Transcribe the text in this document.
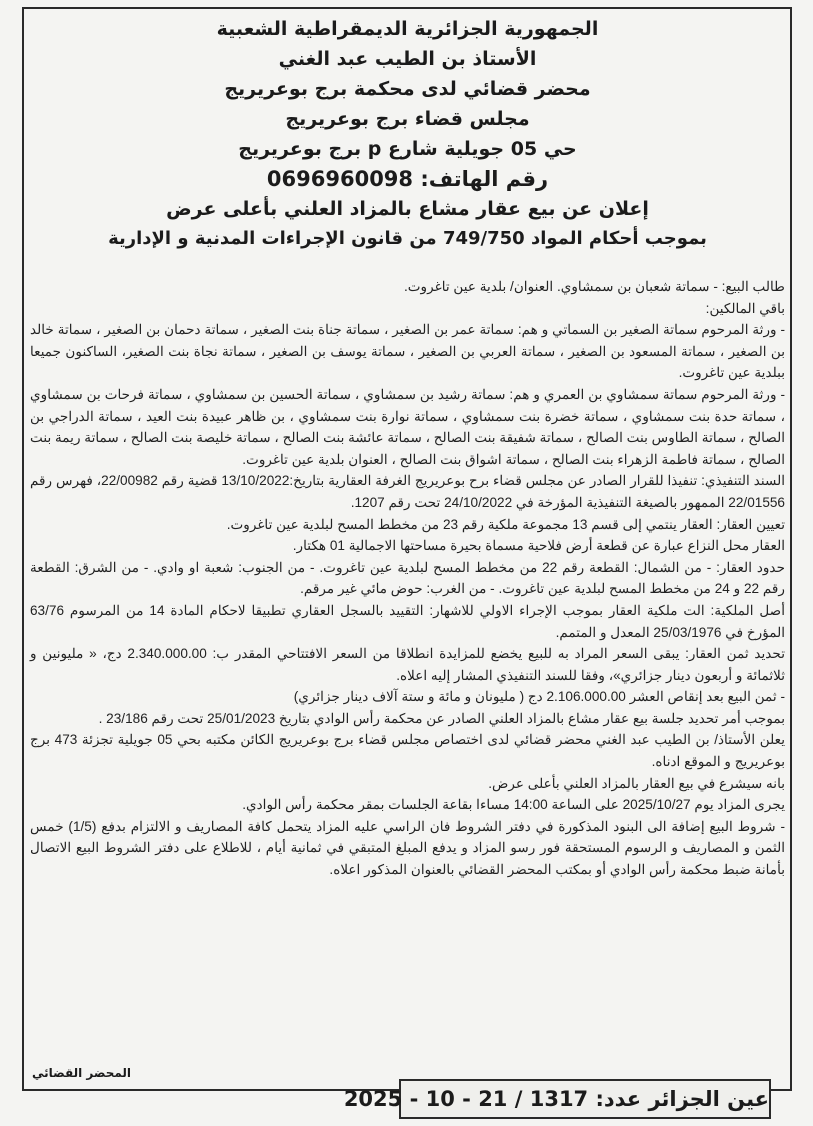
الجمهورية الجزائرية الديمقراطية الشعبية
الأستاذ بن الطيب عبد الغني
محضر قضائي لدى محكمة برج بوعريريج
مجلس قضاء برج بوعريريج
حي 05 جويلية شارع p برج بوعريريج
رقم الهاتف: 0696960098
إعلان عن بيع عقار مشاع بالمزاد العلني بأعلى عرض
بموجب أحكام المواد 749/750 من قانون الإجراءات المدنية و الإدارية

طالب البيع: - سماتة شعبان بن سمشاوي. العنوان/ بلدية عين تاغروت.

باقي المالكين:

- ورثة المرحوم سماتة الصغير بن السماتي و هم: سماتة عمر بن الصغير ، سماتة جناة بنت الصغير ، سماتة دحمان بن الصغير ، سماتة خالد بن الصغير ، سماتة المسعود بن الصغير ، سماتة العربي بن الصغير ، سماتة يوسف بن الصغير ، سماتة نجاة بنت الصغير، الساكنون جميعا ببلدية عين تاغروت.

- ورثة المرحوم سماتة سمشاوي بن العمري و هم: سماتة رشيد بن سمشاوي ، سماتة الحسين بن سمشاوي ، سماتة فرحات بن سمشاوي ، سماتة حدة بنت سمشاوي ، سماتة خضرة بنت سمشاوي ، سماتة نوارة بنت سمشاوي ، بن ظاهر عبيدة بنت العيد ، سماتة الدراجي بن الصالح ، سماتة الطاوس بنت الصالح ، سماتة شفيقة بنت الصالح ، سماتة عائشة بنت الصالح ، سماتة خليصة بنت الصالح ، سماتة ريمة بنت الصالح ، سماتة فاطمة الزهراء بنت الصالح ، سماتة اشواق بنت الصالح ، العنوان بلدية عين تاغروت.

السند التنفيذي: تنفيذا للقرار الصادر عن مجلس قضاء برح بوعريريج الغرفة العقارية بتاريخ:13/10/2022 قضية رقم 22/00982، فهرس رقم 22/01556 الممهور بالصيغة التنفيذية المؤرخة في 24/10/2022 تحت رقم 1207.

تعيين العقار: العقار ينتمي إلى قسم 13 مجموعة ملكية رقم 23 من مخطط المسح لبلدية عين تاغروت.

العقار محل النزاع عبارة عن قطعة أرض فلاحية مسماة بحيرة مساحتها الاجمالية 01 هكتار.

حدود العقار: - من الشمال: القطعة رقم 22 من مخطط المسح لبلدية عين تاغروت. - من الجنوب: شعبة او وادي. - من الشرق: القطعة رقم 22 و 24 من مخطط المسح لبلدية عين تاغروت. - من الغرب: حوض مائي غير مرقم.

أصل الملكية: الت ملكية العقار بموجب الإجراء الاولي للاشهار: التقييد بالسجل العقاري تطبيقا لاحكام المادة 14 من المرسوم 63/76 المؤرخ في 25/03/1976 المعدل و المتمم.

تحديد ثمن العقار: يبقى السعر المراد به للبيع يخضع للمزايدة انطلاقا من السعر الافتتاحي المقدر ب: 2.340.000.00 دج، « مليونين و ثلاثمائة و أربعون دينار جزائري»، وفقا للسند التنفيذي المشار إليه اعلاه.

- ثمن البيع بعد إنقاص العشر 2.106.000.00 دج ( مليونان و مائة و ستة آلاف دينار جزائري)

بموجب أمر تحديد جلسة بيع عقار مشاع بالمزاد العلني الصادر عن محكمة رأس الوادي بتاريخ 25/01/2023 تحت رقم 23/186 .

يعلن الأستاذ/ بن الطيب عبد الغني محضر قضائي لدى اختصاص مجلس قضاء برج بوعريريج الكائن مكتبه بحي 05 جويلية تجزئة 473 برج بوعريريج و الموقع ادناه.

بانه سيشرع في بيع العقار بالمزاد العلني بأعلى عرض.

يجرى المزاد يوم 2025/10/27 على الساعة 14:00 مساءا بقاعة الجلسات بمقر محكمة رأس الوادي.

- شروط البيع إضافة الى البنود المذكورة في دفتر الشروط فان الراسي عليه المزاد يتحمل كافة المصاريف و الالتزام بدفع (1/5) خمس الثمن و المصاريف و الرسوم المستحقة فور رسو المزاد و يدفع المبلغ المتبقي في ثمانية أيام ، للاطلاع على دفتر الشروط البيع الاتصال بأمانة ضبط محكمة رأس الوادي أو بمكتب المحضر القضائي بالعنوان المذكور اعلاه.

المحضر القضائي
عين الجزائر عدد: 1317 / 21 - 10 - 2025
